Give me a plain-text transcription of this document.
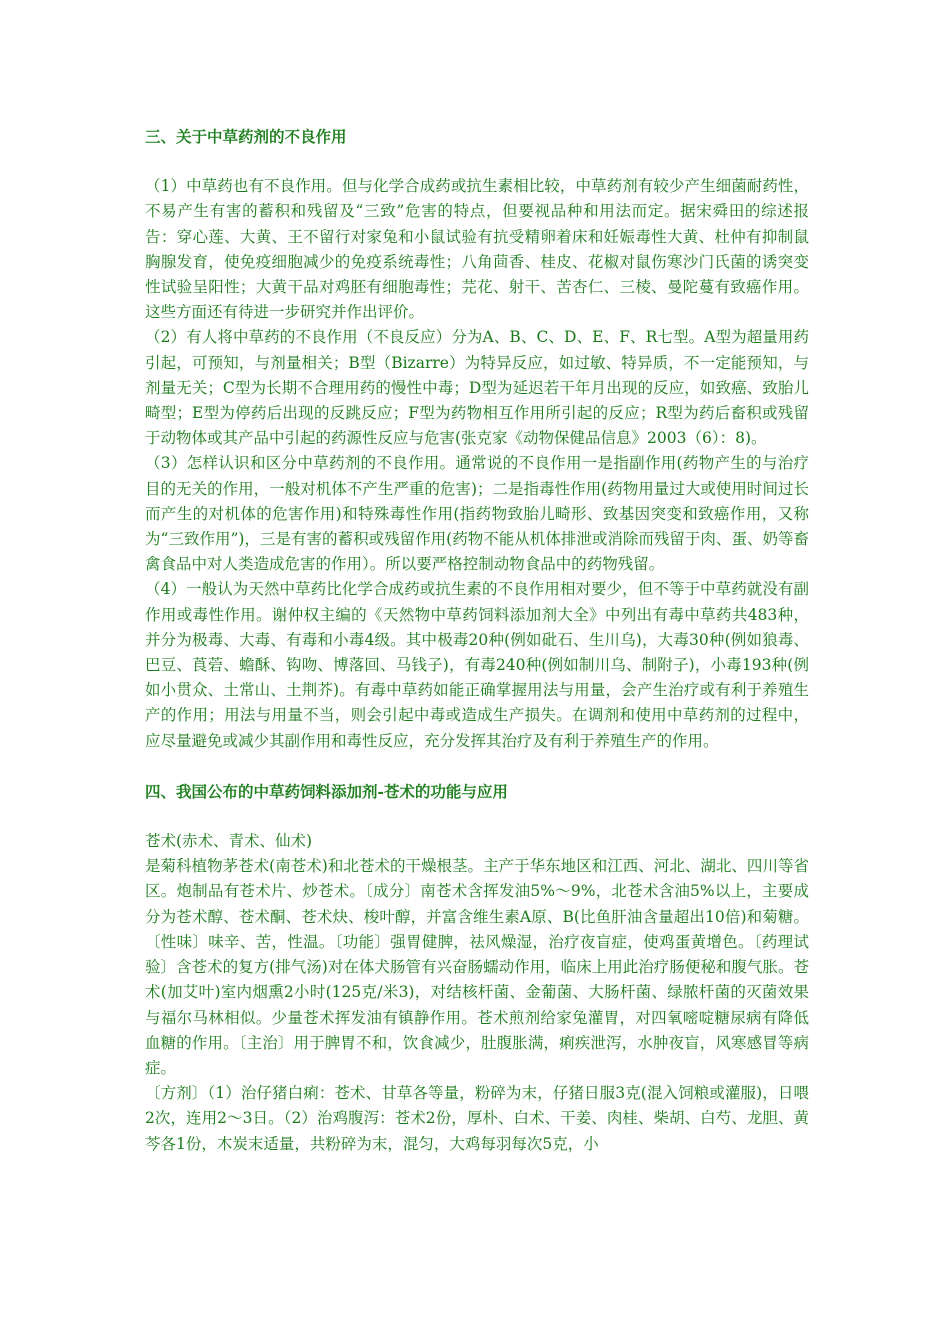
三、关于中草药剂的不良作用

（1）中草药也有不良作用。但与化学合成药或抗生素相比较，中草药剂有较少产生细菌耐药性，不易产生有害的蓄积和残留及“三致”危害的特点，但要视品种和用法而定。据宋舜田的综述报告：穿心莲、大黄、王不留行对家兔和小鼠试验有抗受精卵着床和妊娠毒性大黄、杜仲有抑制鼠胸腺发育，使免疫细胞减少的免疫系统毒性；八角茴香、桂皮、花椒对鼠伤寒沙门氏菌的诱突变性试验呈阳性；大黄干品对鸡胚有细胞毒性；芫花、射干、苦杏仁、三棱、曼陀蔓有致癌作用。这些方面还有待进一步研究并作出评价。

（2）有人将中草药的不良作用（不良反应）分为A、B、C、D、E、F、R七型。A型为超量用药引起，可预知，与剂量相关；B型（Bizarre）为特异反应，如过敏、特异质，不一定能预知，与剂量无关；C型为长期不合理用药的慢性中毒；D型为延迟若干年月出现的反应，如致癌、致胎儿畸型；E型为停药后出现的反跳反应；F型为药物相互作用所引起的反应；R型为药后畜积或残留于动物体或其产品中引起的药源性反应与危害(张克家《动物保健品信息》2003（6）：8)。

（3）怎样认识和区分中草药剂的不良作用。通常说的不良作用一是指副作用(药物产生的与治疗目的无关的作用，一般对机体不产生严重的危害)；二是指毒性作用(药物用量过大或使用时间过长而产生的对机体的危害作用)和特殊毒性作用(指药物致胎儿畸形、致基因突变和致癌作用，又称为“三致作用”)，三是有害的蓄积或残留作用(药物不能从机体排泄或消除而残留于肉、蛋、奶等畜禽食品中对人类造成危害的作用）。所以要严格控制动物食品中的药物残留。

（4）一般认为天然中草药比化学合成药或抗生素的不良作用相对要少，但不等于中草药就没有副作用或毒性作用。谢仲权主编的《天然物中草药饲料添加剂大全》中列出有毒中草药共483种，并分为极毒、大毒、有毒和小毒4级。其中极毒20种(例如砒石、生川乌)，大毒30种(例如狼毒、巴豆、莨菪、蟾酥、钩吻、博落回、马钱子)，有毒240种(例如制川乌、制附子)，小毒193种(例如小贯众、土常山、土荆芥)。有毒中草药如能正确掌握用法与用量，会产生治疗或有利于养殖生产的作用；用法与用量不当，则会引起中毒或造成生产损失。在调剂和使用中草药剂的过程中，应尽量避免或减少其副作用和毒性反应，充分发挥其治疗及有利于养殖生产的作用。

四、我国公布的中草药饲料添加剂-苍术的功能与应用

苍术(赤术、青术、仙术)

是菊科植物茅苍术(南苍术)和北苍术的干燥根茎。主产于华东地区和江西、河北、湖北、四川等省区。炮制品有苍术片、炒苍术。〔成分〕南苍术含挥发油5%～9%，北苍术含油5%以上，主要成分为苍术醇、苍术酮、苍术炔、梭叶醇，并富含维生素A原、B(比鱼肝油含量超出10倍)和菊糖。〔性味〕味辛、苦，性温。〔功能〕强胃健脾，祛风燥湿，治疗夜盲症，使鸡蛋黄增色。〔药理试验〕含苍术的复方(排气汤)对在体犬肠管有兴奋肠蠕动作用，临床上用此治疗肠便秘和腹气胀。苍术(加艾叶)室内烟熏2小时(125克/米3)，对结核杆菌、金葡菌、大肠杆菌、绿脓杆菌的灭菌效果与福尔马林相似。少量苍术挥发油有镇静作用。苍术煎剂给家兔灌胃，对四氧嘧啶糖尿病有降低血糖的作用。〔主治〕用于脾胃不和，饮食减少，肚腹胀满，痢疾泄泻，水肿夜盲，风寒感冒等病症。

〔方剂〕（1）治仔猪白痢：苍术、甘草各等量，粉碎为末，仔猪日服3克(混入饲粮或灌服)，日喂2次，连用2～3日。（2）治鸡腹泻：苍术2份，厚朴、白术、干姜、肉桂、柴胡、白芍、龙胆、黄芩各1份，木炭末适量，共粉碎为末，混匀，大鸡每羽每次5克，小
